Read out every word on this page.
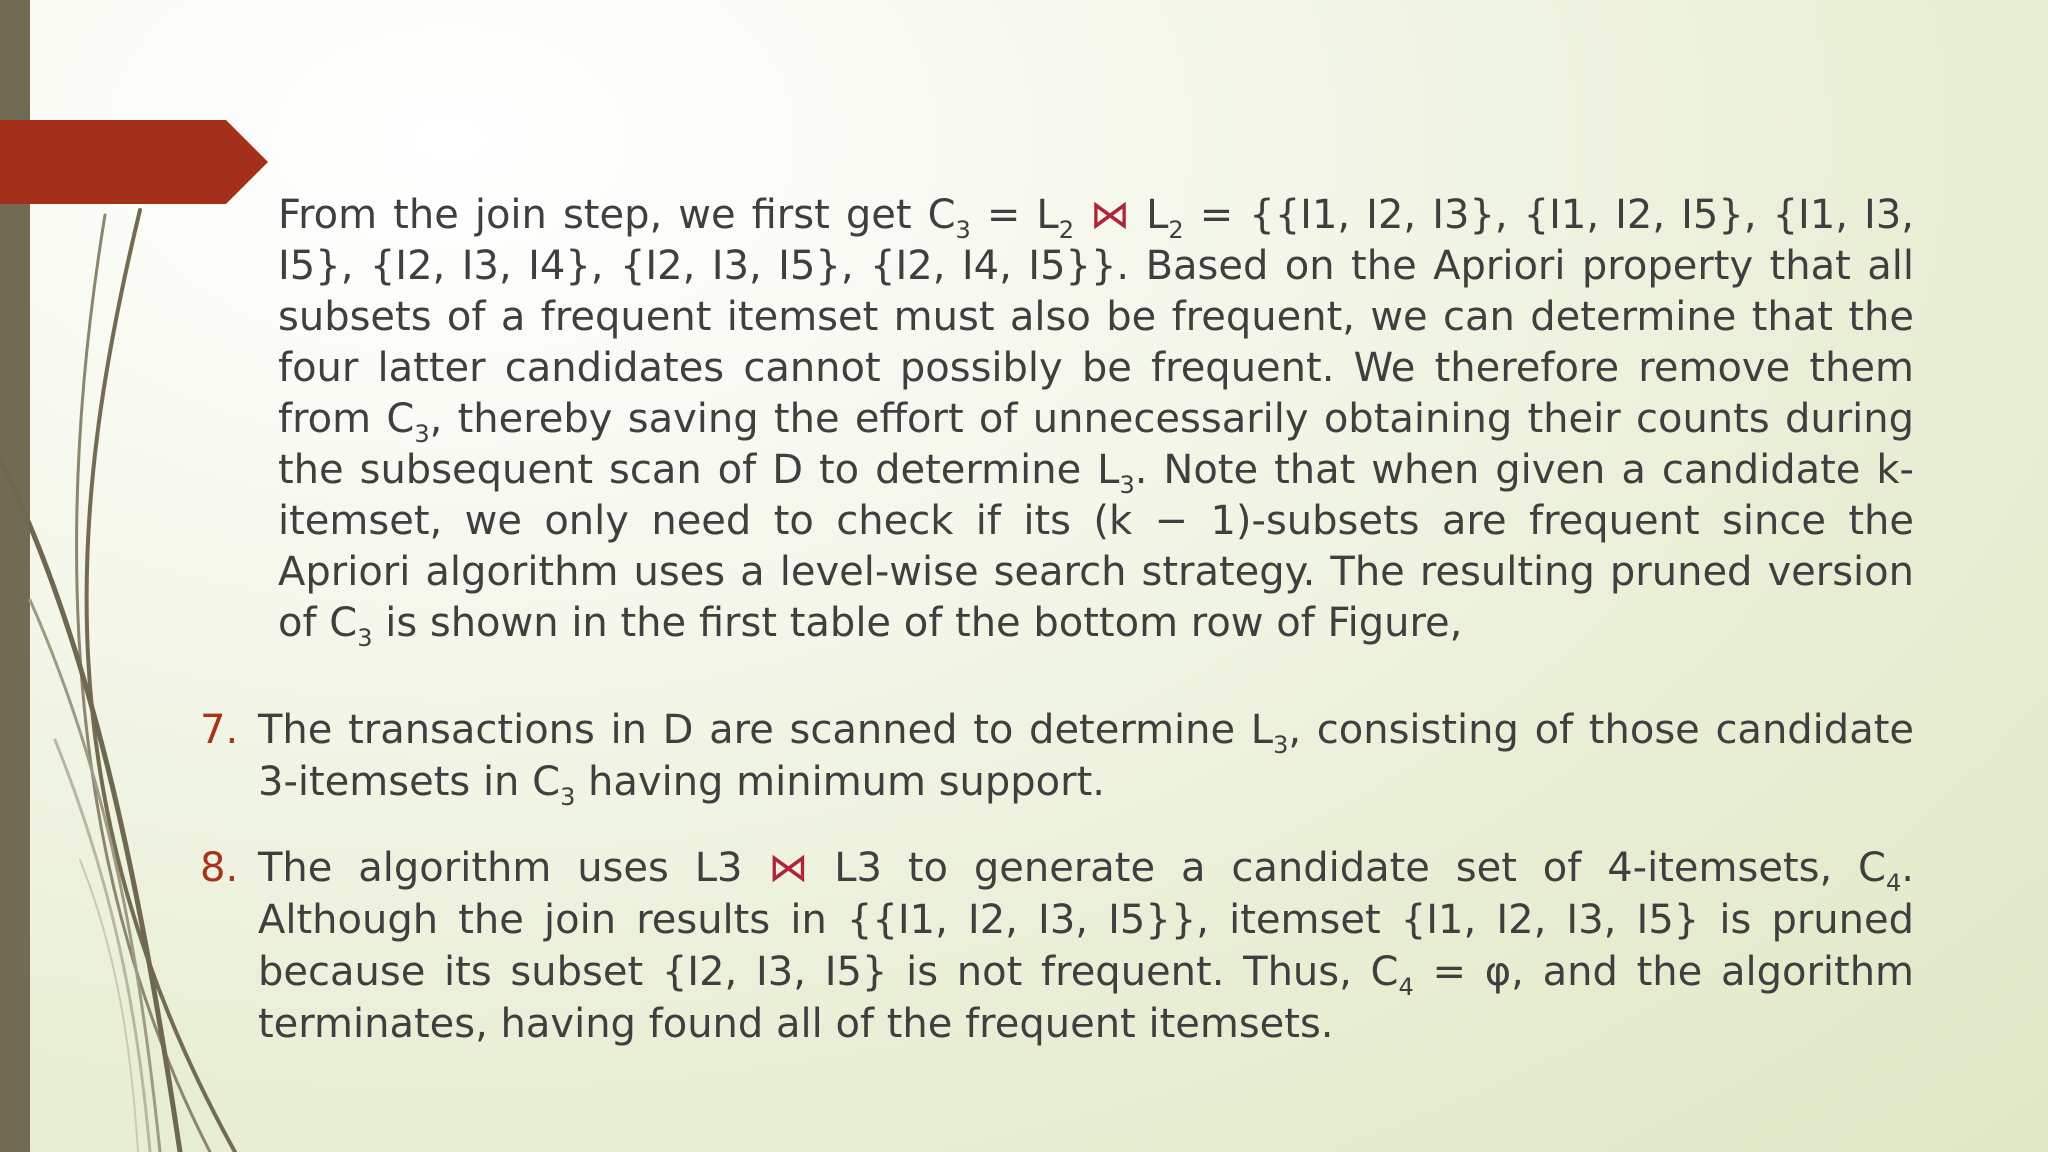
From the join step, we first get $C_3 = L_2$ ⋈ $L_2 = \{\{I1$, I2, I3}, {I1, I2, I5}, {I1, I3, I5}, {I2, I3, I4}, {I2, I3, I5}, {I2, I4, I5}}. Based on the Apriori property that all subsets of a frequent itemset must also be frequent, we can determine that the four latter candidates cannot possibly be frequent. We therefore remove them from $C_3$, thereby saving the effort of unnecessarily obtaining their counts during the subsequent scan of D to determine $L_3$. Note that when given a candidate k-itemset, we only need to check if its (k − 1)-subsets are frequent since the Apriori algorithm uses a level-wise search strategy. The resulting pruned version of $C_3$ is shown in the first table of the bottom row of Figure,

7. The transactions in D are scanned to determine $L_3$, consisting of those candidate 3-itemsets in $C_3$ having minimum support.

8. The algorithm uses L3 ⋈ L3 to generate a candidate set of 4-itemsets, $C_4$. Although the join results in {{I1, I2, I3, I5}}, itemset {I1, I2, I3, I5} is pruned because its subset {I2, I3, I5} is not frequent. Thus, $C_4 = \varphi$, and the algorithm terminates, having found all of the frequent itemsets.
